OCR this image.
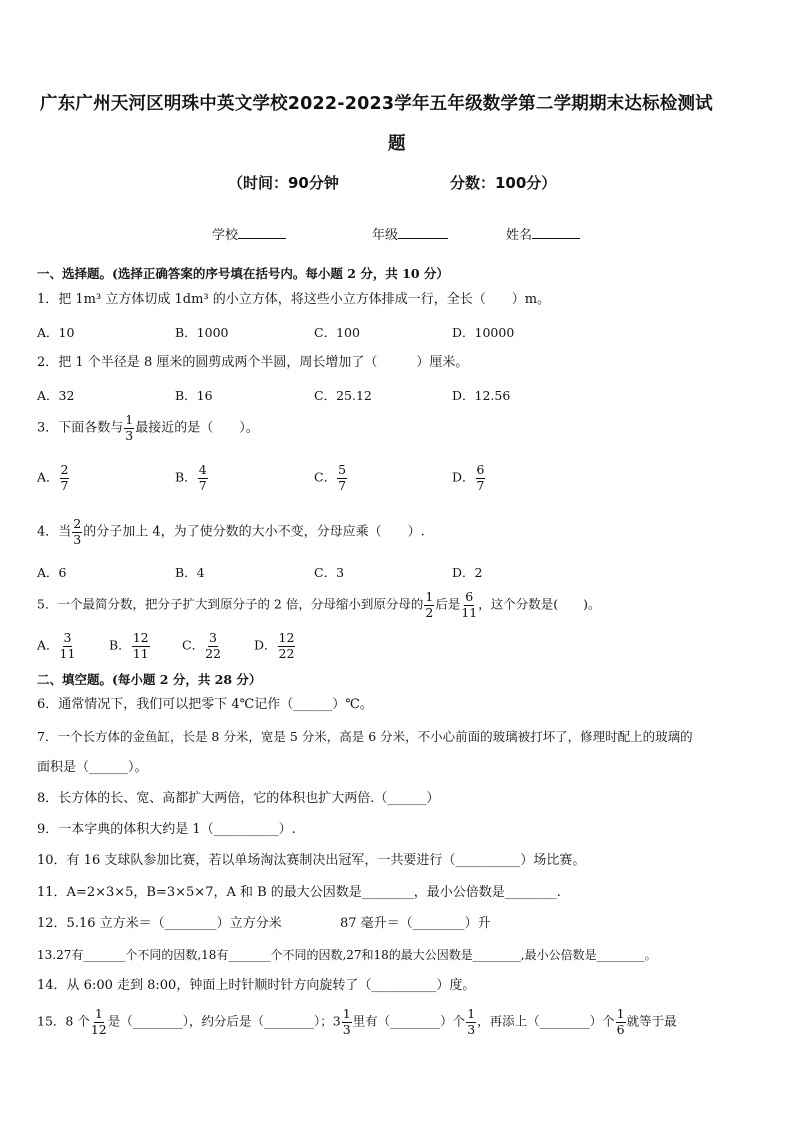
广东广州天河区明珠中英文学校2022-2023学年五年级数学第二学期期末达标检测试
题
（时间：90分钟	分数：100分）
学校	年级	姓名
一、选择题。(选择正确答案的序号填在括号内。每小题 2 分，共 10 分）
1．把 1m³ 立方体切成 1dm³ 的小立方体，将这些小立方体排成一行，全长（　　）m。
A．10	B．1000	C．100	D．10000
2．把 1 个半径是 8 厘米的圆剪成两个半圆，周长增加了（　　　）厘米。
A．32	B．16	C．25.12	D．12.56
3．下面各数与 $\frac{1}{3}$ 最接近的是（　　）。
A． $\frac{2}{7}$	B． $\frac{4}{7}$	C． $\frac{5}{7}$	D． $\frac{6}{7}$
4．当 $\frac{2}{3}$ 的分子加上 4，为了使分数的大小不变，分母应乘（　　）.
A．6	B．4	C．3	D．2
5．一个最简分数，把分子扩大到原分子的 2 倍，分母缩小到原分母的 $\frac{1}{2}$ 后是 $\frac{6}{11}$ ，这个分数是(　　)。
A． $\frac{3}{11}$	B． $\frac{12}{11}$	C． $\frac{3}{22}$	D． $\frac{12}{22}$
二、填空题。(每小题 2 分，共 28 分）
6．通常情况下，我们可以把零下 4℃记作（______）℃。
7．一个长方体的金鱼缸，长是 8 分米，宽是 5 分米，高是 6 分米，不小心前面的玻璃被打坏了，修理时配上的玻璃的
面积是（______）。
8．长方体的长、宽、高都扩大两倍，它的体积也扩大两倍.（______）
9．一本字典的体积大约是 1（__________）.
10．有 16 支球队参加比赛，若以单场淘汰赛制决出冠军，一共要进行（__________）场比赛。
11．A=2×3×5，B=3×5×7，A 和 B 的最大公因数是________，最小公倍数是________.
12．5.16 立方米＝（________）立方分米	87 毫升＝（________）升
13.27有_______个不同的因数,18有_______个不同的因数,27和18的最大公因数是________,最小公倍数是________。
14．从 6:00 走到 8:00，钟面上时针顺时针方向旋转了（__________）度。
15．8 个 $\frac{1}{12}$ 是（________），约分后是（________）；$3 \frac{1}{3}$ 里有（________）个 $\frac{1}{3}$ ，再添上（________）个 $\frac{1}{6}$ 就等于最
